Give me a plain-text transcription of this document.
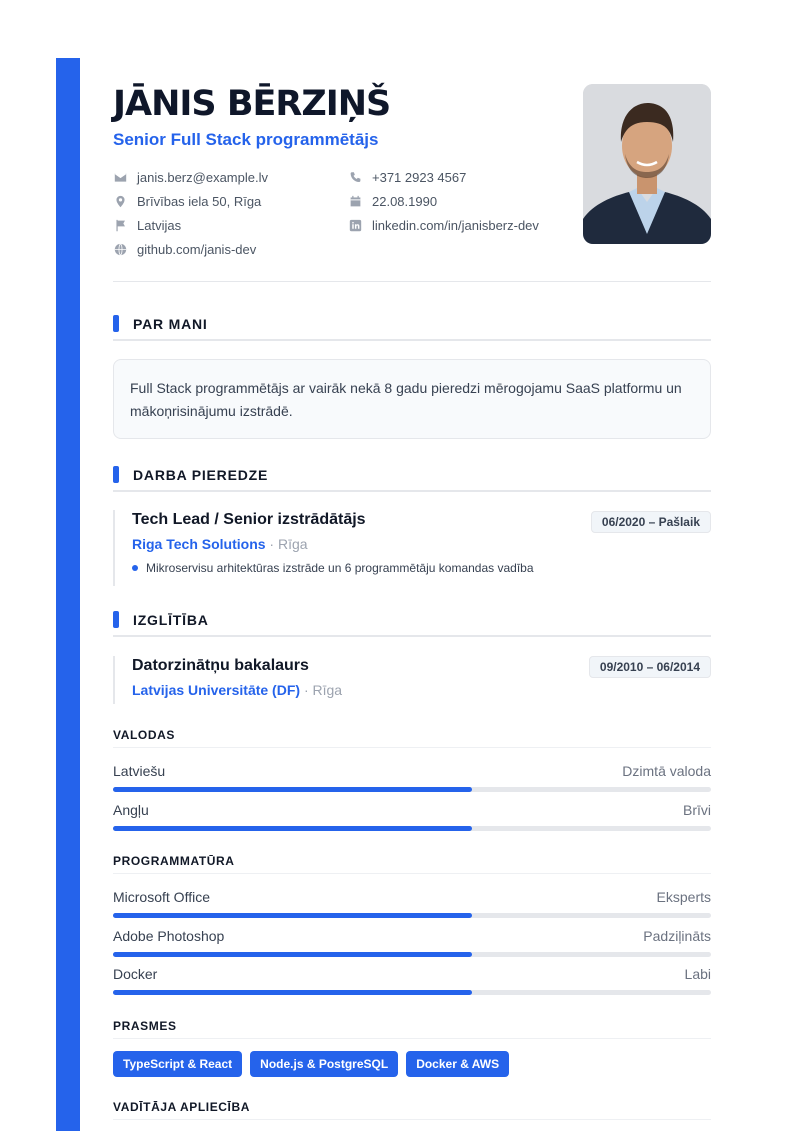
JĀNIS BĒRZIŅŠ
Senior Full Stack programmētājs
janis.berz@example.lv
Brīvības iela 50, Rīga
Latvijas
github.com/janis-dev
+371 2923 4567
22.08.1990
linkedin.com/in/janisberz-dev
PAR MANI
Full Stack programmētājs ar vairāk nekā 8 gadu pieredzi mērogojamu SaaS platformu un mākoņrisinājumu izstrādē.
DARBA PIEREDZE
Tech Lead / Senior izstrādātājs
Riga Tech Solutions · Rīga
Mikroservisu arhitektūras izstrāde un 6 programmētāju komandas vadība
06/2020 – Pašlaik
IZGLĪTĪBA
Datorzinātņu bakalaurs
Latvijas Universitāte (DF) · Rīga
09/2010 – 06/2014
VALODAS
Latviešu	Dzimtā valoda
Angļu	Brīvi
PROGRAMMATŪRA
Microsoft Office	Eksperts
Adobe Photoshop	Padziļināts
Docker	Labi
PRASMES
TypeScript & React	Node.js & PostgreSQL	Docker & AWS
VADĪTĀJA APLIECĪBA
